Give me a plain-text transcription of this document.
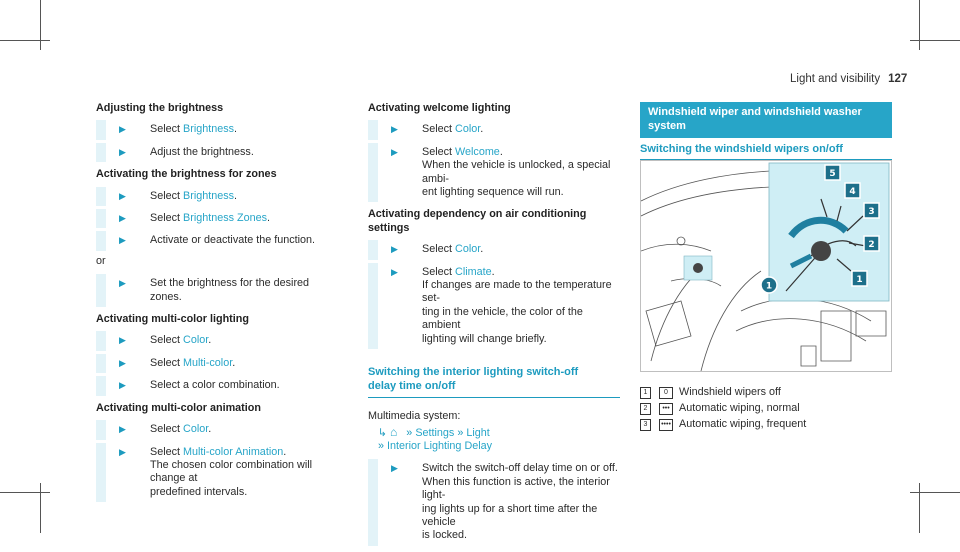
Light and visibility 127
Adjusting the brightness
▶ Select Brightness.
▶ Adjust the brightness.
Activating the brightness for zones
▶ Select Brightness.
▶ Select Brightness Zones.
▶ Activate or deactivate the function.
or
▶ Set the brightness for the desired zones.
Activating multi-color lighting
▶ Select Color.
▶ Select Multi-color.
▶ Select a color combination.
Activating multi-color animation
▶ Select Color.
▶ Select Multi-color Animation.
The chosen color combination will change at
predefined intervals.
Activating welcome lighting
▶ Select Color.
▶ Select Welcome.
When the vehicle is unlocked, a special ambi-
ent lighting sequence will run.
Activating dependency on air conditioning
settings
▶ Select Color.
▶ Select Climate.
If changes are made to the temperature set-
ting in the vehicle, the color of the ambient
lighting will change briefly.
Switching the interior lighting switch-off
delay time on/off
Multimedia system:
↳ ⌂ » Settings » Light
» Interior Lighting Delay
▶ Switch the switch-off delay time on or off.
When this function is active, the interior light-
ing lights up for a short time after the vehicle
is locked.
Windshield wiper and windshield washer
system
Switching the windshield wipers on/off
5
4
3
2
1
1
1	0	Windshield wipers off
2	••• Automatic wiping, normal
3	•••• Automatic wiping, frequent
